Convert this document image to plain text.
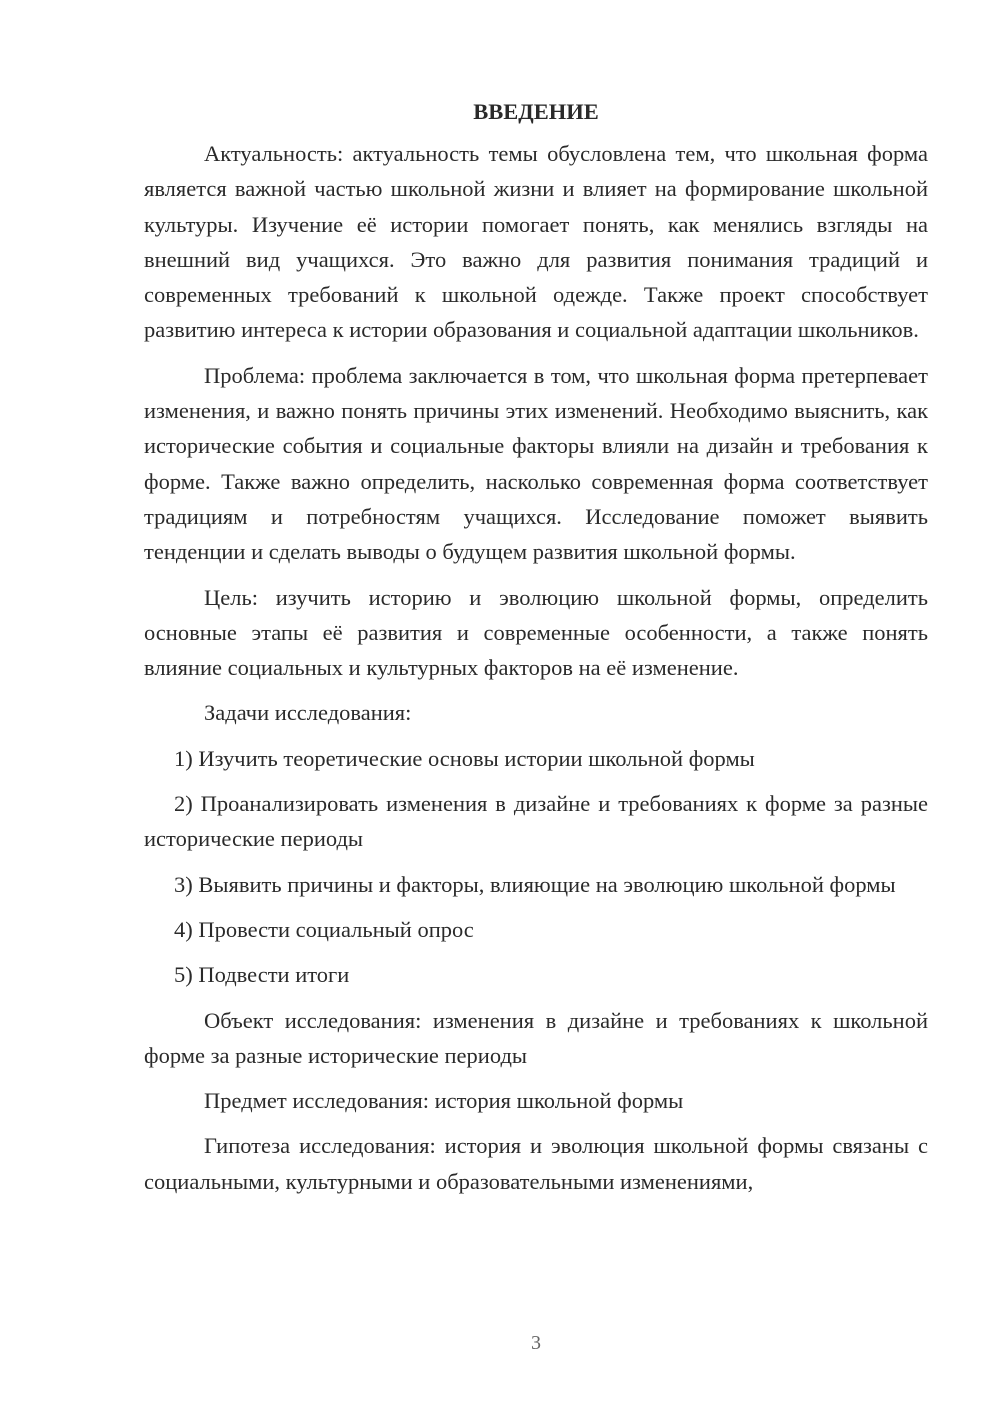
ВВЕДЕНИЕ

Актуальность: актуальность темы обусловлена тем, что школьная форма является важной частью школьной жизни и влияет на формирование школьной культуры. Изучение её истории помогает понять, как менялись взгляды на внешний вид учащихся. Это важно для развития понимания традиций и современных требований к школьной одежде. Также проект способствует развитию интереса к истории образования и социальной адаптации школьников.

Проблема: проблема заключается в том, что школьная форма претерпевает изменения, и важно понять причины этих изменений. Необходимо выяснить, как исторические события и социальные факторы влияли на дизайн и требования к форме. Также важно определить, насколько современная форма соответствует традициям и потребностям учащихся. Исследование поможет выявить тенденции и сделать выводы о будущем развития школьной формы.

Цель: изучить историю и эволюцию школьной формы, определить основные этапы её развития и современные особенности, а также понять влияние социальных и культурных факторов на её изменение.

Задачи исследования:

1) Изучить теоретические основы истории школьной формы

2) Проанализировать изменения в дизайне и требованиях к форме за разные исторические периоды

3) Выявить причины и факторы, влияющие на эволюцию школьной формы

4) Провести социальный опрос

5) Подвести итоги

Объект исследования: изменения в дизайне и требованиях к школьной форме за разные исторические периоды

Предмет исследования: история школьной формы

Гипотеза исследования: история и эволюция школьной формы связаны с социальными, культурными и образовательными изменениями,

3
